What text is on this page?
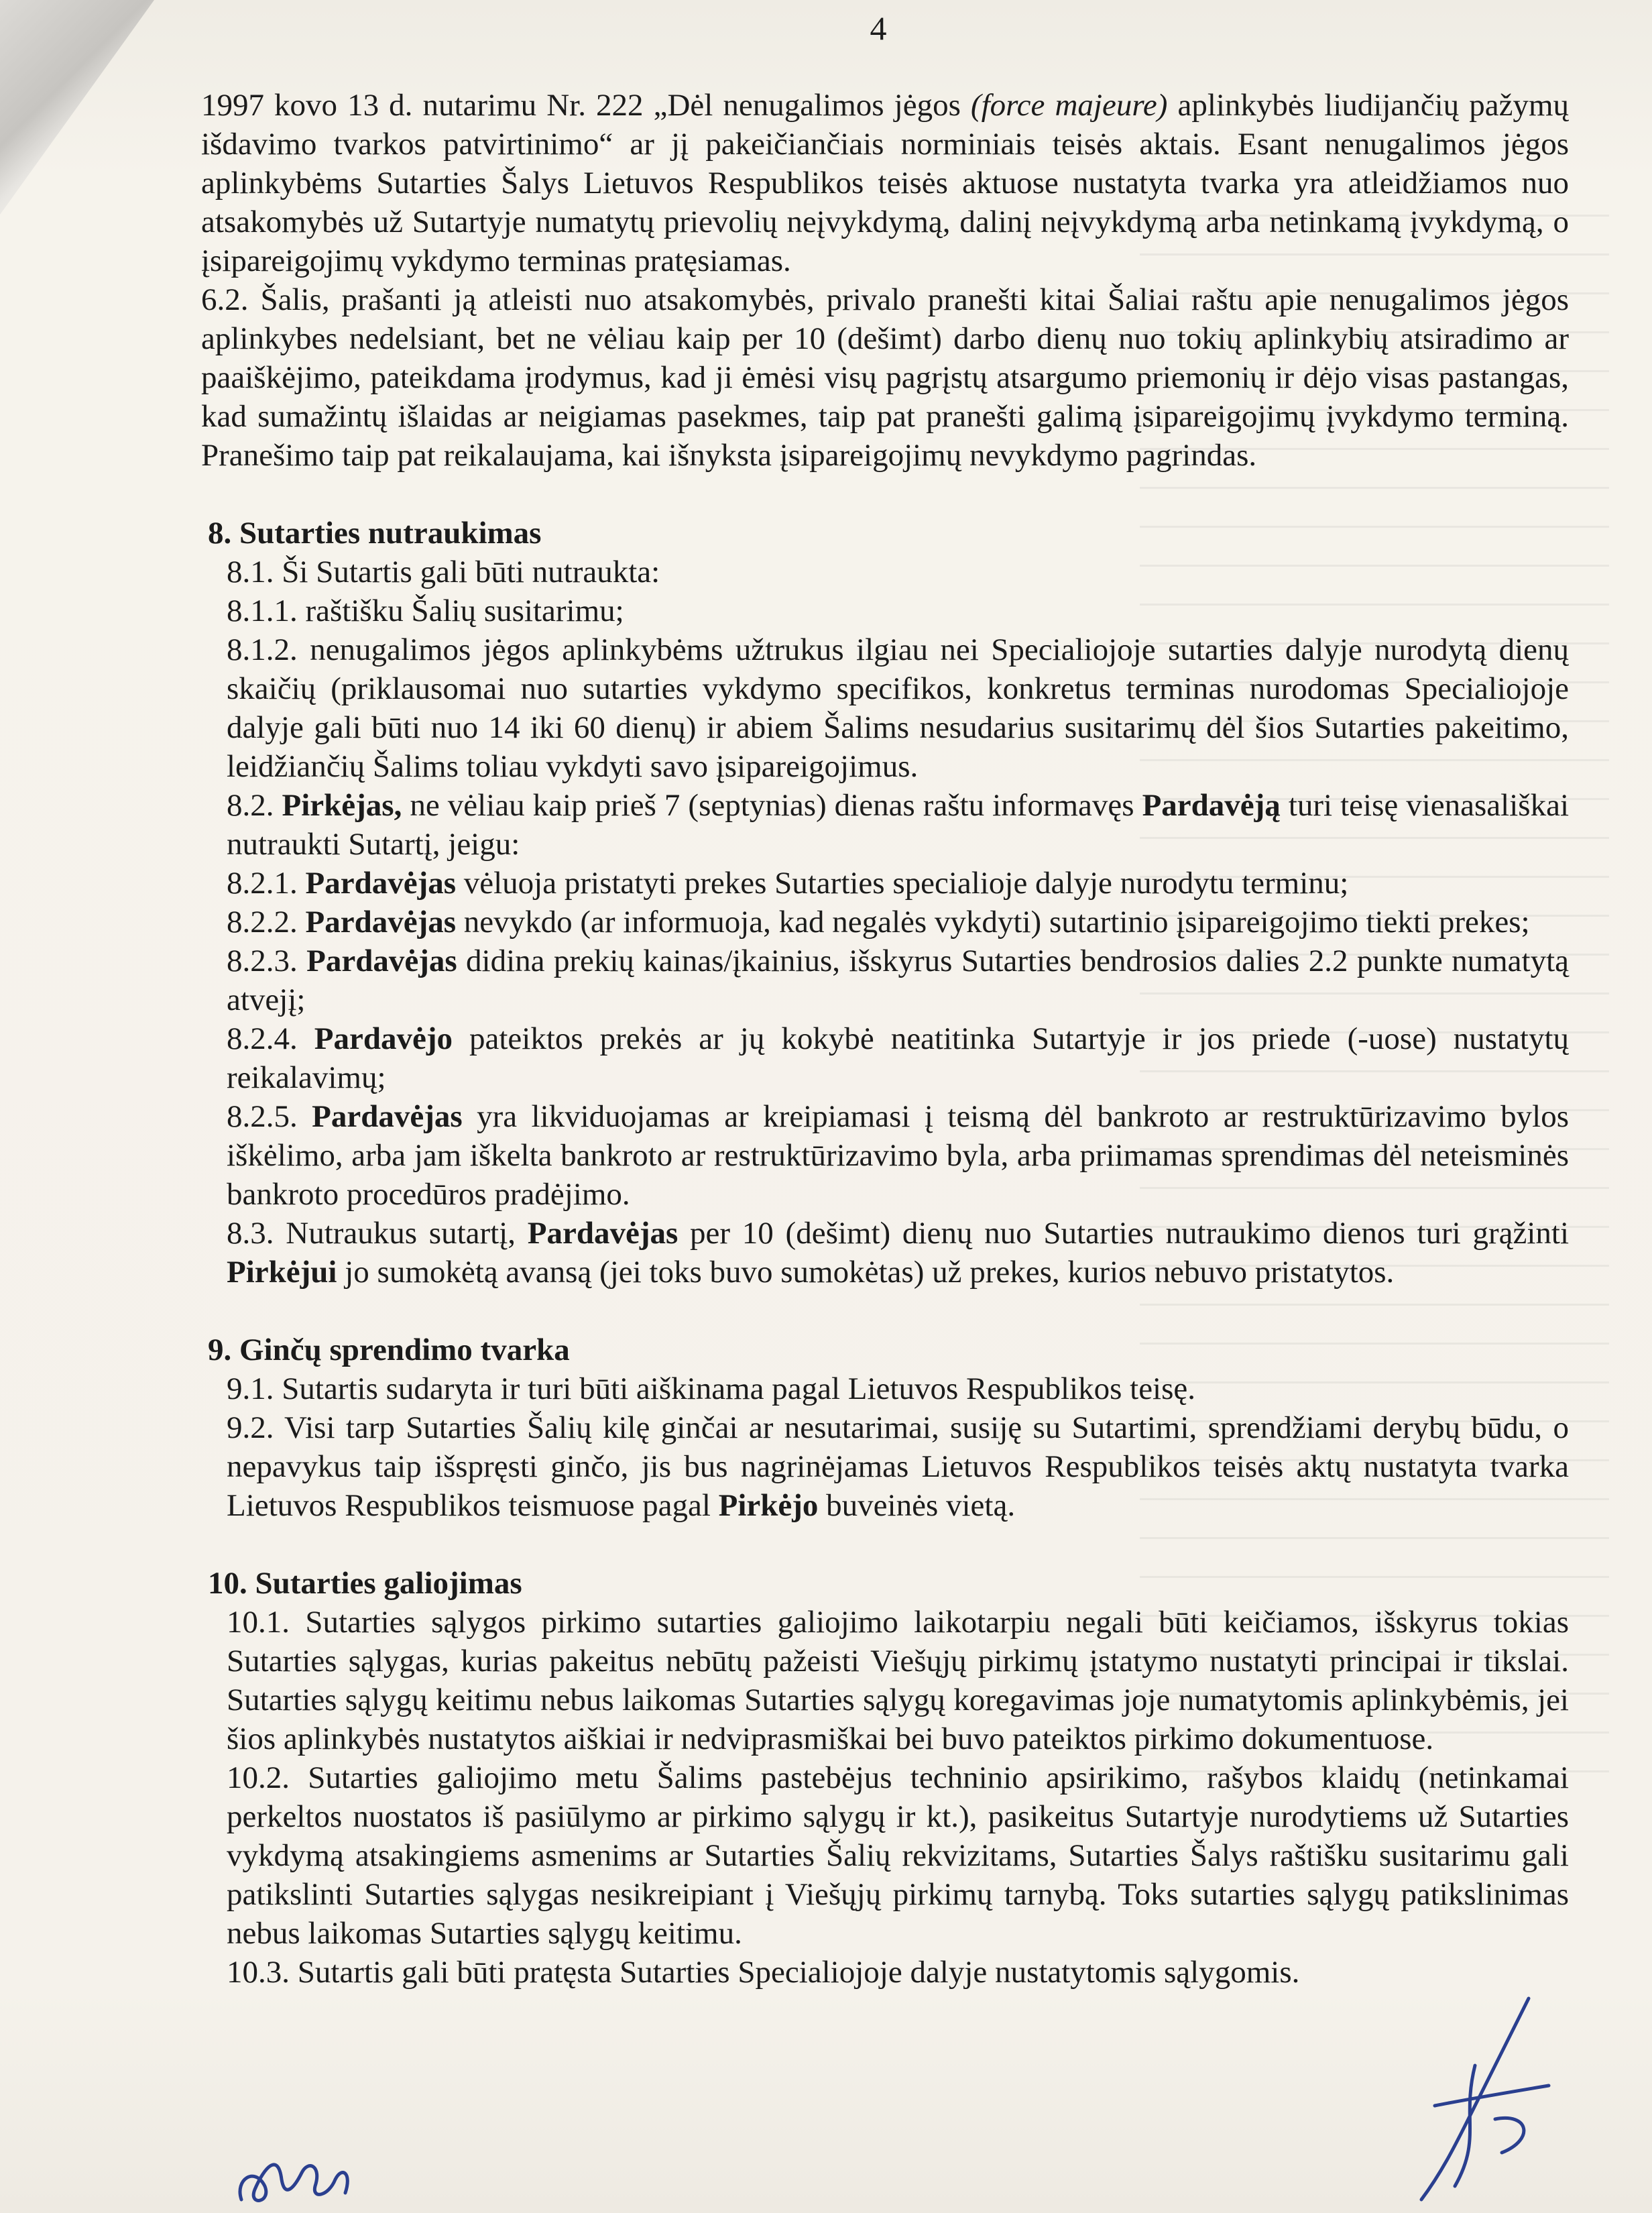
4

1997 kovo 13 d. nutarimu Nr. 222 „Dėl nenugalimos jėgos (force majeure) aplinkybės liudijančių pažymų išdavimo tvarkos patvirtinimo“ ar jį pakeičiančiais norminiais teisės aktais. Esant nenugalimos jėgos aplinkybėms Sutarties Šalys Lietuvos Respublikos teisės aktuose nustatyta tvarka yra atleidžiamos nuo atsakomybės už Sutartyje numatytų prievolių neįvykdymą, dalinį neįvykdymą arba netinkamą įvykdymą, o įsipareigojimų vykdymo terminas pratęsiamas.

6.2. Šalis, prašanti ją atleisti nuo atsakomybės, privalo pranešti kitai Šaliai raštu apie nenugalimos jėgos aplinkybes nedelsiant, bet ne vėliau kaip per 10 (dešimt) darbo dienų nuo tokių aplinkybių atsiradimo ar paaiškėjimo, pateikdama įrodymus, kad ji ėmėsi visų pagrįstų atsargumo priemonių ir dėjo visas pastangas, kad sumažintų išlaidas ar neigiamas pasekmes, taip pat pranešti galimą įsipareigojimų įvykdymo terminą. Pranešimo taip pat reikalaujama, kai išnyksta įsipareigojimų nevykdymo pagrindas.

8. Sutarties nutraukimas

8.1. Ši Sutartis gali būti nutraukta:

8.1.1. raštišku Šalių susitarimu;

8.1.2. nenugalimos jėgos aplinkybėms užtrukus ilgiau nei Specialiojoje sutarties dalyje nurodytą dienų skaičių (priklausomai nuo sutarties vykdymo specifikos, konkretus terminas nurodomas Specialiojoje dalyje gali būti nuo 14 iki 60 dienų) ir abiem Šalims nesudarius susitarimų dėl šios Sutarties pakeitimo, leidžiančių Šalims toliau vykdyti savo įsipareigojimus.

8.2. Pirkėjas, ne vėliau kaip prieš 7 (septynias) dienas raštu informavęs Pardavėją turi teisę vienasališkai nutraukti Sutartį, jeigu:

8.2.1. Pardavėjas vėluoja pristatyti prekes Sutarties specialioje dalyje nurodytu terminu;

8.2.2. Pardavėjas nevykdo (ar informuoja, kad negalės vykdyti) sutartinio įsipareigojimo tiekti prekes;

8.2.3. Pardavėjas didina prekių kainas/įkainius, išskyrus Sutarties bendrosios dalies 2.2 punkte numatytą atvejį;

8.2.4. Pardavėjo pateiktos prekės ar jų kokybė neatitinka Sutartyje ir jos priede (-uose) nustatytų reikalavimų;

8.2.5. Pardavėjas yra likviduojamas ar kreipiamasi į teismą dėl bankroto ar restruktūrizavimo bylos iškėlimo, arba jam iškelta bankroto ar restruktūrizavimo byla, arba priimamas sprendimas dėl neteisminės bankroto procedūros pradėjimo.

8.3. Nutraukus sutartį, Pardavėjas per 10 (dešimt) dienų nuo Sutarties nutraukimo dienos turi grąžinti Pirkėjui jo sumokėtą avansą (jei toks buvo sumokėtas) už prekes, kurios nebuvo pristatytos.

9. Ginčų sprendimo tvarka

9.1. Sutartis sudaryta ir turi būti aiškinama pagal Lietuvos Respublikos teisę.

9.2. Visi tarp Sutarties Šalių kilę ginčai ar nesutarimai, susiję su Sutartimi, sprendžiami derybų būdu, o nepavykus taip išspręsti ginčo, jis bus nagrinėjamas Lietuvos Respublikos teisės aktų nustatyta tvarka Lietuvos Respublikos teismuose pagal Pirkėjo buveinės vietą.

10. Sutarties galiojimas

10.1. Sutarties sąlygos pirkimo sutarties galiojimo laikotarpiu negali būti keičiamos, išskyrus tokias Sutarties sąlygas, kurias pakeitus nebūtų pažeisti Viešųjų pirkimų įstatymo nustatyti principai ir tikslai. Sutarties sąlygų keitimu nebus laikomas Sutarties sąlygų koregavimas joje numatytomis aplinkybėmis, jei šios aplinkybės nustatytos aiškiai ir nedviprasmiškai bei buvo pateiktos pirkimo dokumentuose.

10.2. Sutarties galiojimo metu Šalims pastebėjus techninio apsirikimo, rašybos klaidų (netinkamai perkeltos nuostatos iš pasiūlymo ar pirkimo sąlygų ir kt.), pasikeitus Sutartyje nurodytiems už Sutarties vykdymą atsakingiems asmenims ar Sutarties Šalių rekvizitams, Sutarties Šalys raštišku susitarimu gali patikslinti Sutarties sąlygas nesikreipiant į Viešųjų pirkimų tarnybą. Toks sutarties sąlygų patikslinimas nebus laikomas Sutarties sąlygų keitimu.

10.3. Sutartis gali būti pratęsta Sutarties Specialiojoje dalyje nustatytomis sąlygomis.
